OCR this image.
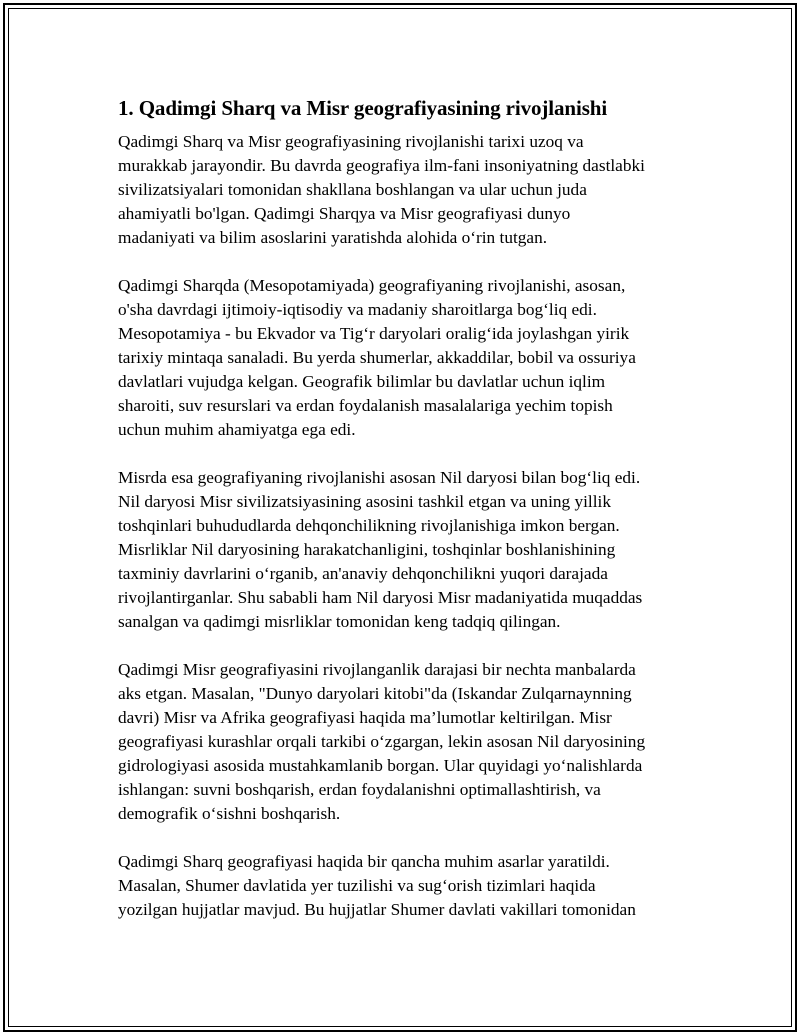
1. Qadimgi Sharq va Misr geografiyasining rivojlanishi

Qadimgi Sharq va Misr geografiyasining rivojlanishi tarixi uzoq va
murakkab jarayondir. Bu davrda geografiya ilm-fani insoniyatning dastlabki
sivilizatsiyalari tomonidan shakllana boshlangan va ular uchun juda
ahamiyatli bo'lgan. Qadimgi Sharqya va Misr geografiyasi dunyo
madaniyati va bilim asoslarini yaratishda alohida o‘rin tutgan.

Qadimgi Sharqda (Mesopotamiyada) geografiyaning rivojlanishi, asosan,
o'sha davrdagi ijtimoiy-iqtisodiy va madaniy sharoitlarga bog‘liq edi.
Mesopotamiya - bu Ekvador va Tig‘r daryolari oralig‘ida joylashgan yirik
tarixiy mintaqa sanaladi. Bu yerda shumerlar, akkaddilar, bobil va ossuriya
davlatlari vujudga kelgan. Geografik bilimlar bu davlatlar uchun iqlim
sharoiti, suv resurslari va erdan foydalanish masalalariga yechim topish
uchun muhim ahamiyatga ega edi.

Misrda esa geografiyaning rivojlanishi asosan Nil daryosi bilan bog‘liq edi.
Nil daryosi Misr sivilizatsiyasining asosini tashkil etgan va uning yillik
toshqinlari buhududlarda dehqonchilikning rivojlanishiga imkon bergan.
Misrliklar Nil daryosining harakatchanligini, toshqinlar boshlanishining
taxminiy davrlarini o‘rganib, an'anaviy dehqonchilikni yuqori darajada
rivojlantirganlar. Shu sababli ham Nil daryosi Misr madaniyatida muqaddas
sanalgan va qadimgi misrliklar tomonidan keng tadqiq qilingan.

Qadimgi Misr geografiyasini rivojlanganlik darajasi bir nechta manbalarda
aks etgan. Masalan, "Dunyo daryolari kitobi"da (Iskandar Zulqarnaynning
davri) Misr va Afrika geografiyasi haqida ma’lumotlar keltirilgan. Misr
geografiyasi kurashlar orqali tarkibi o‘zgargan, lekin asosan Nil daryosining
gidrologiyasi asosida mustahkamlanib borgan. Ular quyidagi yo‘nalishlarda
ishlangan: suvni boshqarish, erdan foydalanishni optimallashtirish, va
demografik o‘sishni boshqarish.

Qadimgi Sharq geografiyasi haqida bir qancha muhim asarlar yaratildi.
Masalan, Shumer davlatida yer tuzilishi va sug‘orish tizimlari haqida
yozilgan hujjatlar mavjud. Bu hujjatlar Shumer davlati vakillari tomonidan
